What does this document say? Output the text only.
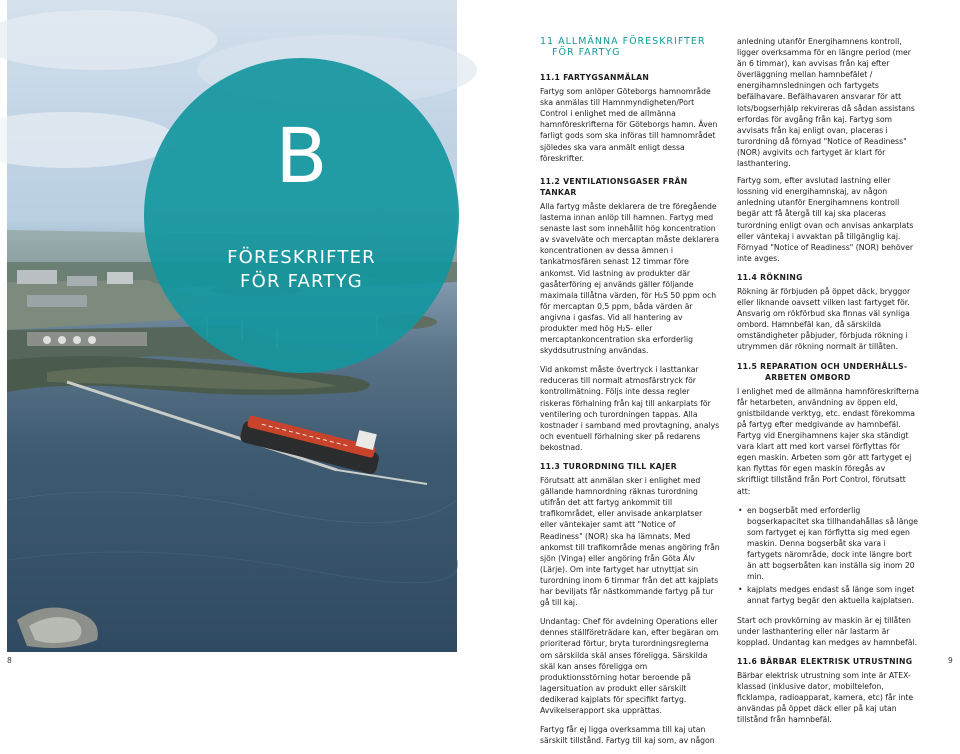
B
FÖRESKRIFTER
FÖR FARTYG
8
11 ALLMÄNNA FÖRESKRIFTER
FÖR FARTYG
11.1 FARTYGSANMÄLAN

Fartyg som anlöper Göteborgs hamnområde ska anmälas till Hamnmyndigheten/Port Control i enlighet med de allmänna hamnföreskrifterna för Göteborgs hamn. Även farligt gods som ska införas till hamnområdet sjöledes ska vara anmält enligt dessa föreskrifter.

11.2 VENTILATIONSGASER FRÅN TANKAR

Alla fartyg måste deklarera de tre föregående lasterna innan anlöp till hamnen. Fartyg med senaste last som innehållit hög koncentration av svavelväte och mercaptan måste deklarera koncentrationen av dessa ämnen i tankatmosfären senast 12 timmar före ankomst. Vid lastning av produkter där gasåterföring ej används gäller följande maximala tillåtna värden, för H₂S 50 ppm och för mercaptan 0,5 ppm, båda värden är angivna i gasfas. Vid all hantering av produkter med hög H₂S- eller mercaptankoncentration ska erforderlig skyddsutrustning användas.

Vid ankomst måste övertryck i lasttankar reduceras till normalt atmosfärstryck för kontrollmätning. Följs inte dessa regler riskeras förhalning från kaj till ankarplats för ventilering och turordningen tappas. Alla kostnader i samband med provtagning, analys och eventuell förhalning sker på redarens bekostnad.

11.3 TURORDNING TILL KAJER

Förutsatt att anmälan sker i enlighet med gällande hamnordning räknas turordning utifrån det att fartyg ankommit till trafikområdet, eller anvisade ankarplatser eller väntekajer samt att "Notice of Readiness" (NOR) ska ha lämnats. Med ankomst till trafikområde menas angöring från sjön (Vinga) eller angöring från Göta Älv (Lärje). Om inte fartyget har utnyttjat sin turordning inom 6 timmar från det att kajplats har beviljats får nästkommande fartyg på tur gå till kaj.

Undantag: Chef för avdelning Operations eller dennes ställföreträdare kan, efter begäran om prioriterad förtur, bryta turordningsreglerna om särskilda skäl anses föreligga. Särskilda skäl kan anses föreligga om produktionsstörning hotar beroende på lagersituation av produkt eller särskilt dedikerad kajplats för specifikt fartyg. Avvikelserapport ska upprättas.

Fartyg får ej ligga overksamma till kaj utan särskilt tillstånd. Fartyg till kaj som, av någon

anledning utanför Energihamnens kontroll, ligger overksamma för en längre period (mer än 6 timmar), kan avvisas från kaj efter överläggning mellan hamnbefälet / energihamnsledningen och fartygets befälhavare. Befälhavaren ansvarar för att lots/bogserhjälp rekvireras då sådan assistans erfordas för avgång från kaj. Fartyg som avvisats från kaj enligt ovan, placeras i turordning då förnyad "Notice of Readiness" (NOR) avgivits och fartyget är klart för lasthantering.

Fartyg som, efter avslutad lastning eller lossning vid energihamnskaj, av någon anledning utanför Energihamnens kontroll begär att få återgå till kaj ska placeras turordning enligt ovan och anvisas ankarplats eller väntekaj i avvaktan på tillgänglig kaj. Förnyad "Notice of Readiness" (NOR) behöver inte avges.

11.4 RÖKNING

Rökning är förbjuden på öppet däck, bryggor eller liknande oavsett vilken last fartyget för. Ansvarig om rökförbud ska finnas väl synliga ombord. Hamnbefäl kan, då särskilda omständigheter påbjuder, förbjuda rökning i utrymmen där rökning normalt är tillåten.

11.5 REPARATION OCH UNDERHÅLLS-
ARBETEN OMBORD

I enlighet med de allmänna hamnföreskrifterna får hetarbeten, användning av öppen eld, gnistbildande verktyg, etc. endast förekomma på fartyg efter medgivande av hamnbefäl. Fartyg vid Energihamnens kajer ska ständigt vara klart att med kort varsel förflyttas för egen maskin. Arbeten som gör att fartyget ej kan flyttas för egen maskin föregås av skriftligt tillstånd från Port Control, förutsatt att:

• en bogserbåt med erforderlig bogserkapacitet ska tillhandahållas så länge som fartyget ej kan förflytta sig med egen maskin. Denna bogserbåt ska vara i fartygets närområde, dock inte längre bort än att bogserbåten kan inställa sig inom 20 min.
• kajplats medges endast så länge som inget annat fartyg begär den aktuella kajplatsen.

Start och provkörning av maskin är ej tillåten under lasthantering eller när lastarm är kopplad. Undantag kan medges av hamnbefäl.

11.6 BÄRBAR ELEKTRISK UTRUSTNING

Bärbar elektrisk utrustning som inte är ATEX-klassad (inklusive dator, mobiltelefon, ficklampa, radioapparat, kamera, etc) får inte användas på öppet däck eller på kaj utan tillstånd från hamnbefäl.

9
